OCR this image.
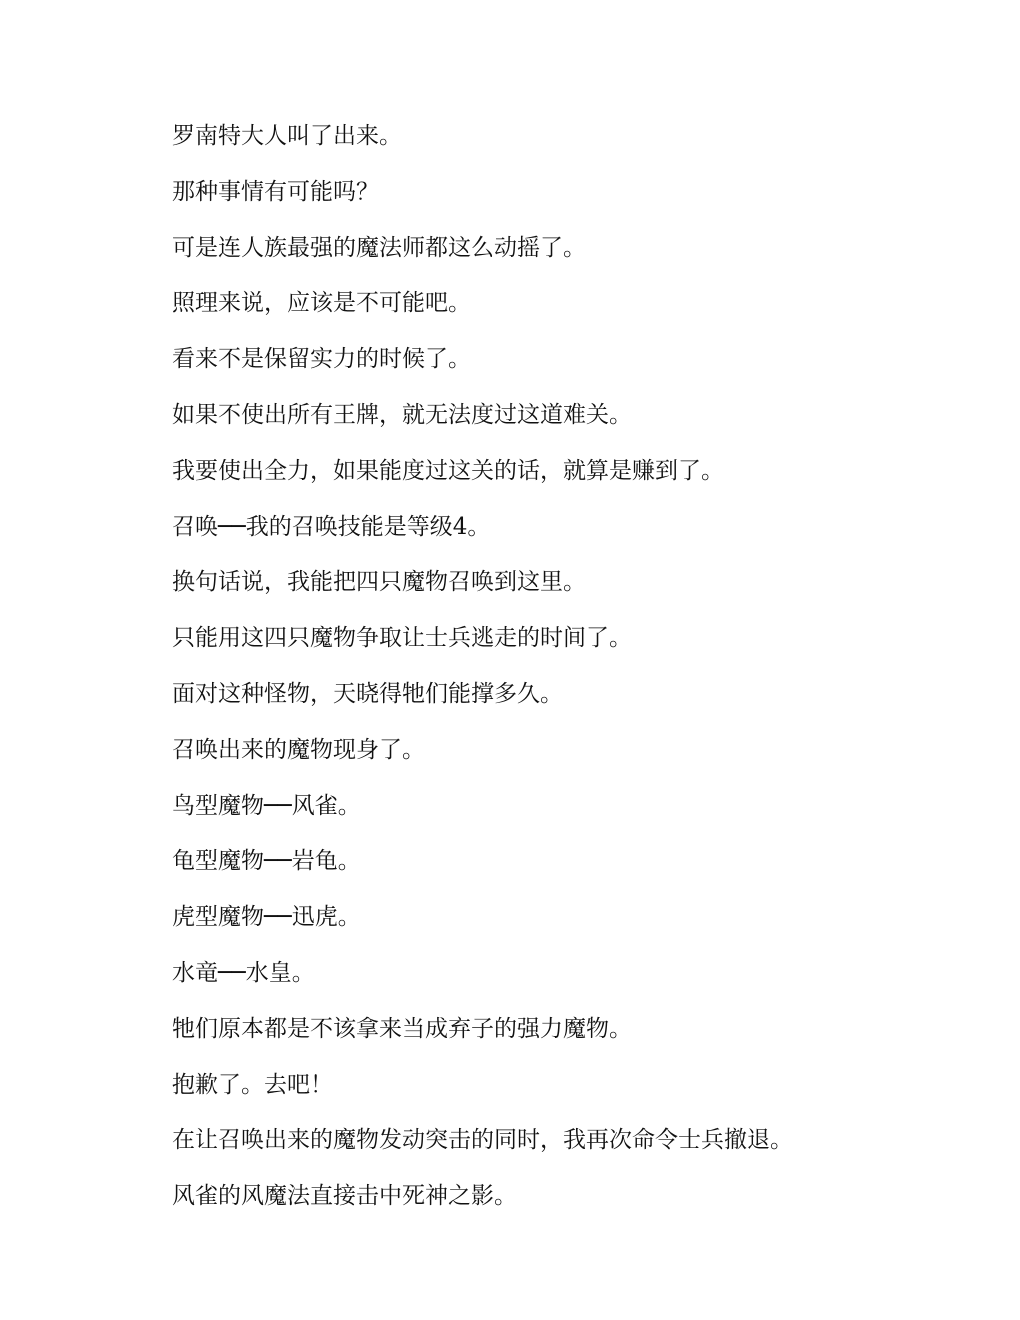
罗南特大人叫了出来。

那种事情有可能吗？

可是连人族最强的魔法师都这么动摇了。

照理来说，应该是不可能吧。

看来不是保留实力的时候了。

如果不使出所有王牌，就无法度过这道难关。

我要使出全力，如果能度过这关的话，就算是赚到了。

召唤──我的召唤技能是等级4。

换句话说，我能把四只魔物召唤到这里。

只能用这四只魔物争取让士兵逃走的时间了。

面对这种怪物，天晓得牠们能撑多久。

召唤出来的魔物现身了。

鸟型魔物──风雀。

龟型魔物──岩龟。

虎型魔物──迅虎。

水竜──水皇。

牠们原本都是不该拿来当成弃子的强力魔物。

抱歉了。去吧！

在让召唤出来的魔物发动突击的同时，我再次命令士兵撤退。

风雀的风魔法直接击中死神之影。
